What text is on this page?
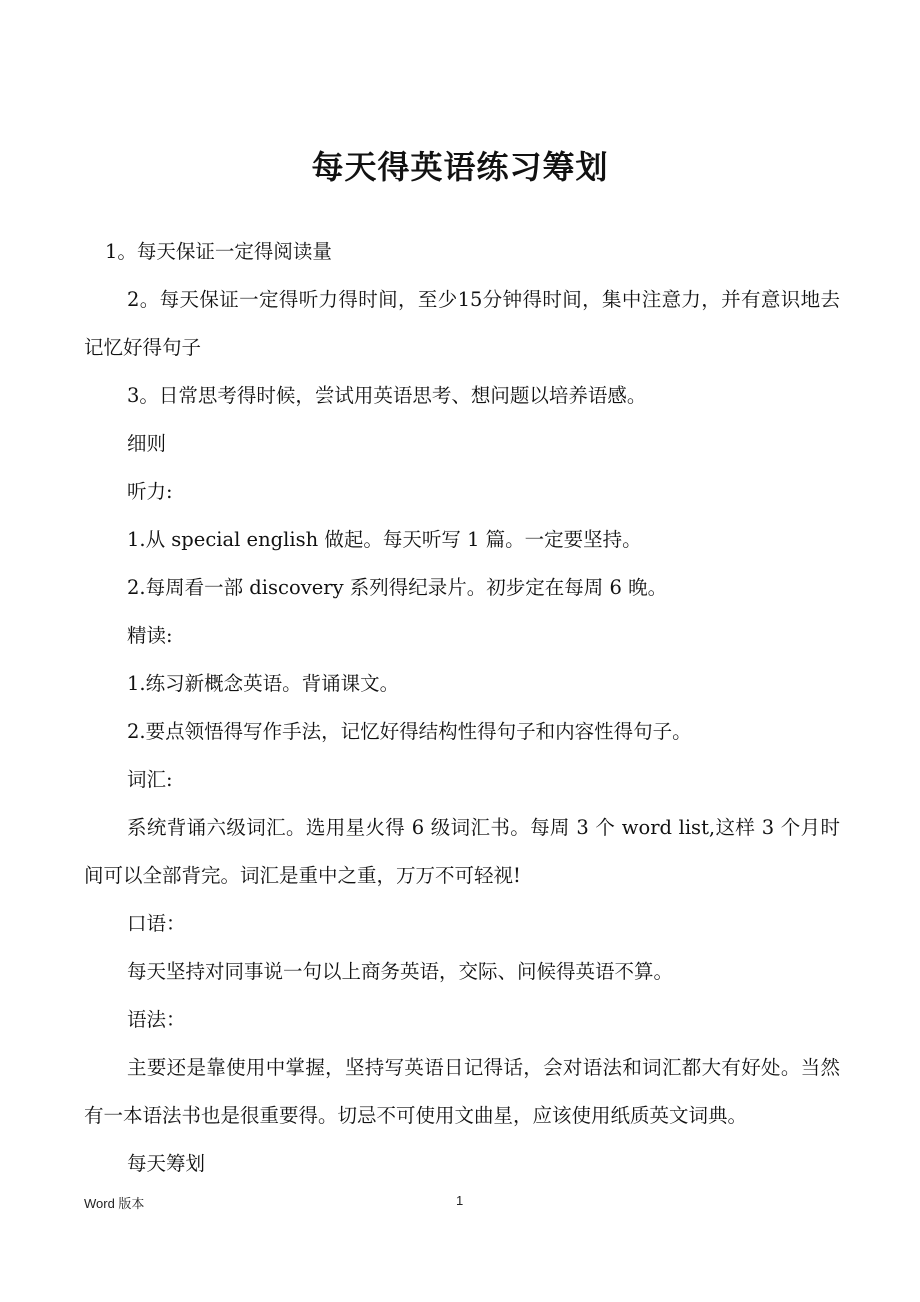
每天得英语练习筹划

1。每天保证一定得阅读量

2。每天保证一定得听力得时间，至少15分钟得时间，集中注意力，并有意识地去记忆好得句子

3。日常思考得时候，尝试用英语思考、想问题以培养语感。

细则

听力:

1.从 special english 做起。每天听写 1 篇。一定要坚持。

2.每周看一部 discovery 系列得纪录片。初步定在每周 6 晚。

精读:

1.练习新概念英语。背诵课文。

2.要点领悟得写作手法，记忆好得结构性得句子和内容性得句子。

词汇:

系统背诵六级词汇。选用星火得 6 级词汇书。每周 3 个 word list,这样 3 个月时间可以全部背完。词汇是重中之重，万万不可轻视!

口语：

每天坚持对同事说一句以上商务英语，交际、问候得英语不算。

语法：

主要还是靠使用中掌握，坚持写英语日记得话，会对语法和词汇都大有好处。当然有一本语法书也是很重要得。切忌不可使用文曲星，应该使用纸质英文词典。

每天筹划

Word 版本	1
